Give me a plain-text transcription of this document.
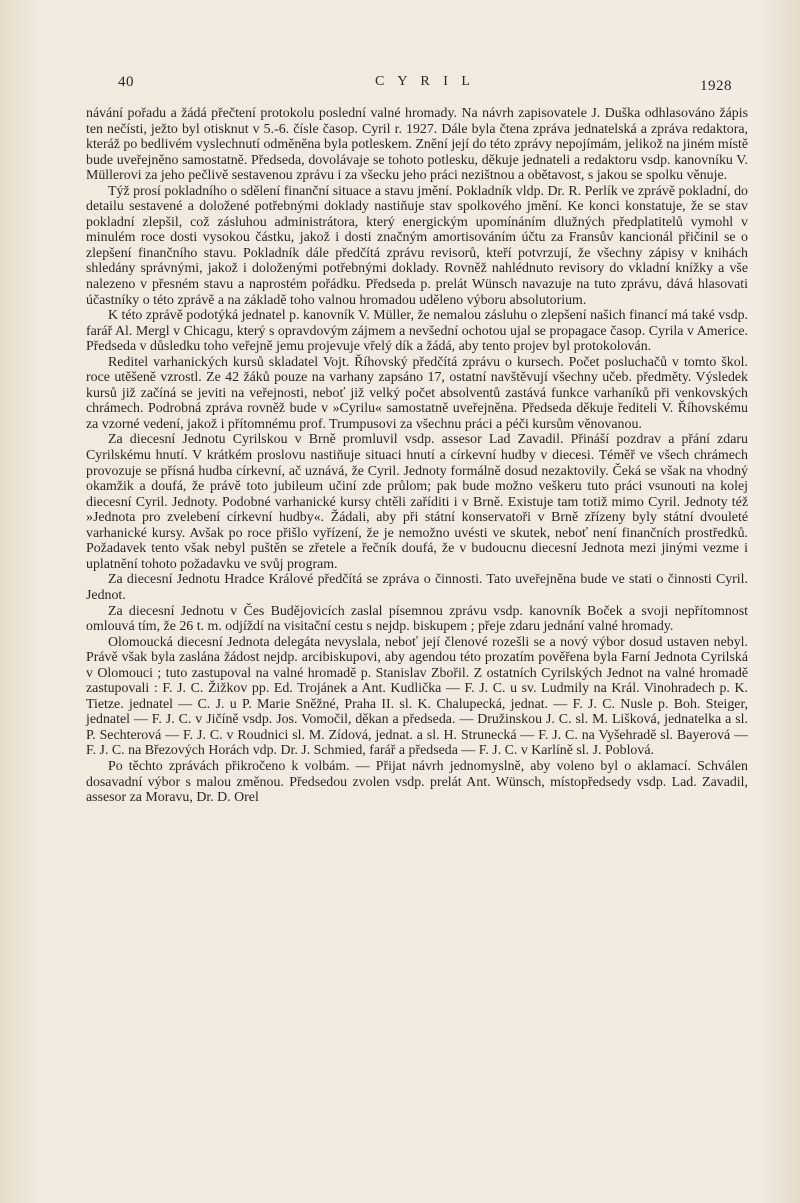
40	C Y R I L	1928

návání pořadu a žádá přečtení protokolu poslední valné hromady. Na návrh zapisovatele J. Duška odhlasováno žápis ten nečísti, ježto byl otisknut v 5.-6. čísle časop. Cyril r. 1927. Dále byla čtena zpráva jednatelská a zpráva redaktora, kteráž po bedlivém vyslechnutí odměněna byla potleskem. Znění její do této zprávy nepojímám, jelikož na jiném místě bude uveřejněno samostatně. Předseda, dovolávaje se tohoto potlesku, děkuje jednateli a redaktoru vsdp. kanovníku V. Müllerovi za jeho pečlivě sestavenou zprávu i za všecku jeho práci nezištnou a obětavost, s jakou se spolku věnuje.

Týž prosí pokladního o sdělení finanční situace a stavu jmění. Pokladník vldp. Dr. R. Perlík ve zprávě pokladní, do detailu sestavené a doložené potřebnými doklady nastiňuje stav spolkového jmění. Ke konci konstatuje, že se stav pokladní zlepšil, což zásluhou administrátora, který energickým upomínáním dlužných předplatitelů vymohl v minulém roce dosti vysokou částku, jakož i dosti značným amortisováním účtu za Fransův kancionál přičinil se o zlepšení finančního stavu. Pokladník dále předčítá zprávu revisorů, kteří potvrzují, že všechny zápisy v knihách shledány správnými, jakož i doloženými potřebnými doklady. Rovněž nahlédnuto revisory do vkladní knížky a vše nalezeno v přesném stavu a naprostém pořádku. Předseda p. prelát Wünsch navazuje na tuto zprávu, dává hlasovati účastníky o této zprávě a na základě toho valnou hromadou uděleno výboru absolutorium.

K této zprávě podotýká jednatel p. kanovník V. Müller, že nemalou zásluhu o zlepšení našich financí má také vsdp. farář Al. Mergl v Chicagu, který s opravdovým zájmem a nevšední ochotou ujal se propagace časop. Cyrila v Americe. Předseda v důsledku toho veřejně jemu projevuje vřelý dík a žádá, aby tento projev byl protokolován.

Reditel varhanických kursů skladatel Vojt. Říhovský předčítá zprávu o kursech. Počet posluchačů v tomto škol. roce utěšeně vzrostl. Ze 42 žáků pouze na varhany zapsáno 17, ostatní navštěvují všechny učeb. předměty. Výsledek kursů již začíná se jeviti na veřejnosti, neboť již velký počet absolventů zastává funkce varhaníků při venkovských chrámech. Podrobná zpráva rovněž bude v »Cyrilu« samostatně uveřejněna. Předseda děkuje řediteli V. Říhovskému za vzorné vedení, jakož i přítomnému prof. Trumpusovi za všechnu práci a péči kursům věnovanou.

Za diecesní Jednotu Cyrilskou v Brně promluvil vsdp. assesor Lad Zavadil. Přináší pozdrav a přání zdaru Cyrilskému hnutí. V krátkém proslovu nastiňuje situaci hnutí a církevní hudby v diecesi. Téměř ve všech chrámech provozuje se přísná hudba církevní, ač uznává, že Cyril. Jednoty formálně dosud nezaktovily. Čeká se však na vhodný okamžik a doufá, že právě toto jubileum učiní zde průlom; pak bude možno veškeru tuto práci vsunouti na kolej diecesní Cyril. Jednoty. Podobné varhanické kursy chtěli zaříditi i v Brně. Existuje tam totiž mimo Cyril. Jednoty též »Jednota pro zvelebení církevní hudby«. Žádali, aby při státní konservatoři v Brně zřízeny byly státní dvouleté varhanické kursy. Avšak po roce přišlo vyřízení, že je nemožno uvésti ve skutek, neboť není finančních prostředků. Požadavek tento však nebyl puštěn se zřetele a řečník doufá, že v budoucnu diecesní Jednota mezi jinými vezme i uplatnění tohoto požadavku ve svůj program.

Za diecesní Jednotu Hradce Králové předčítá se zpráva o činnosti. Tato uveřejněna bude ve stati o činnosti Cyril. Jednot.

Za diecesní Jednotu v Čes Budějovicích zaslal písemnou zprávu vsdp. kanovník Boček a svoji nepřítomnost omlouvá tím, že 26 t. m. odjíždí na visitační cestu s nejdp. biskupem ; přeje zdaru jednání valné hromady.

Olomoucká diecesní Jednota delegáta nevyslala, neboť její členové rozešli se a nový výbor dosud ustaven nebyl. Právě však byla zaslána žádost nejdp. arcibiskupovi, aby agendou této prozatím pověřena byla Farní Jednota Cyrilská v Olomouci ; tuto zastupoval na valné hromadě p. Stanislav Zbořil. Z ostatních Cyrilských Jednot na valné hromadě zastupovali : F. J. C. Žižkov pp. Ed. Trojánek a Ant. Kudlička — F. J. C. u sv. Ludmily na Král. Vinohradech p. K. Tietze. jednatel — C. J. u P. Marie Sněžné, Praha II. sl. K. Chalupecká, jednat. — F. J. C. Nusle p. Boh. Steiger, jednatel — F. J. C. v Jičíně vsdp. Jos. Vomočil, děkan a předseda. — Družinskou J. C. sl. M. Lišková, jednatelka a sl. P. Sechterová — F. J. C. v Roudnici sl. M. Zídová, jednat. a sl. H. Strunecká — F. J. C. na Vyšehradě sl. Bayerová — F. J. C. na Březových Horách vdp. Dr. J. Schmied, farář a předseda — F. J. C. v Karlíně sl. J. Poblová.

Po těchto zprávách přikročeno k volbám. — Přijat návrh jednomyslně, aby voleno byl o aklamací. Schválen dosavadní výbor s malou změnou. Předsedou zvolen vsdp. prelát Ant. Wünsch, místopředsedy vsdp. Lad. Zavadil, assesor za Moravu, Dr. D. Orel
